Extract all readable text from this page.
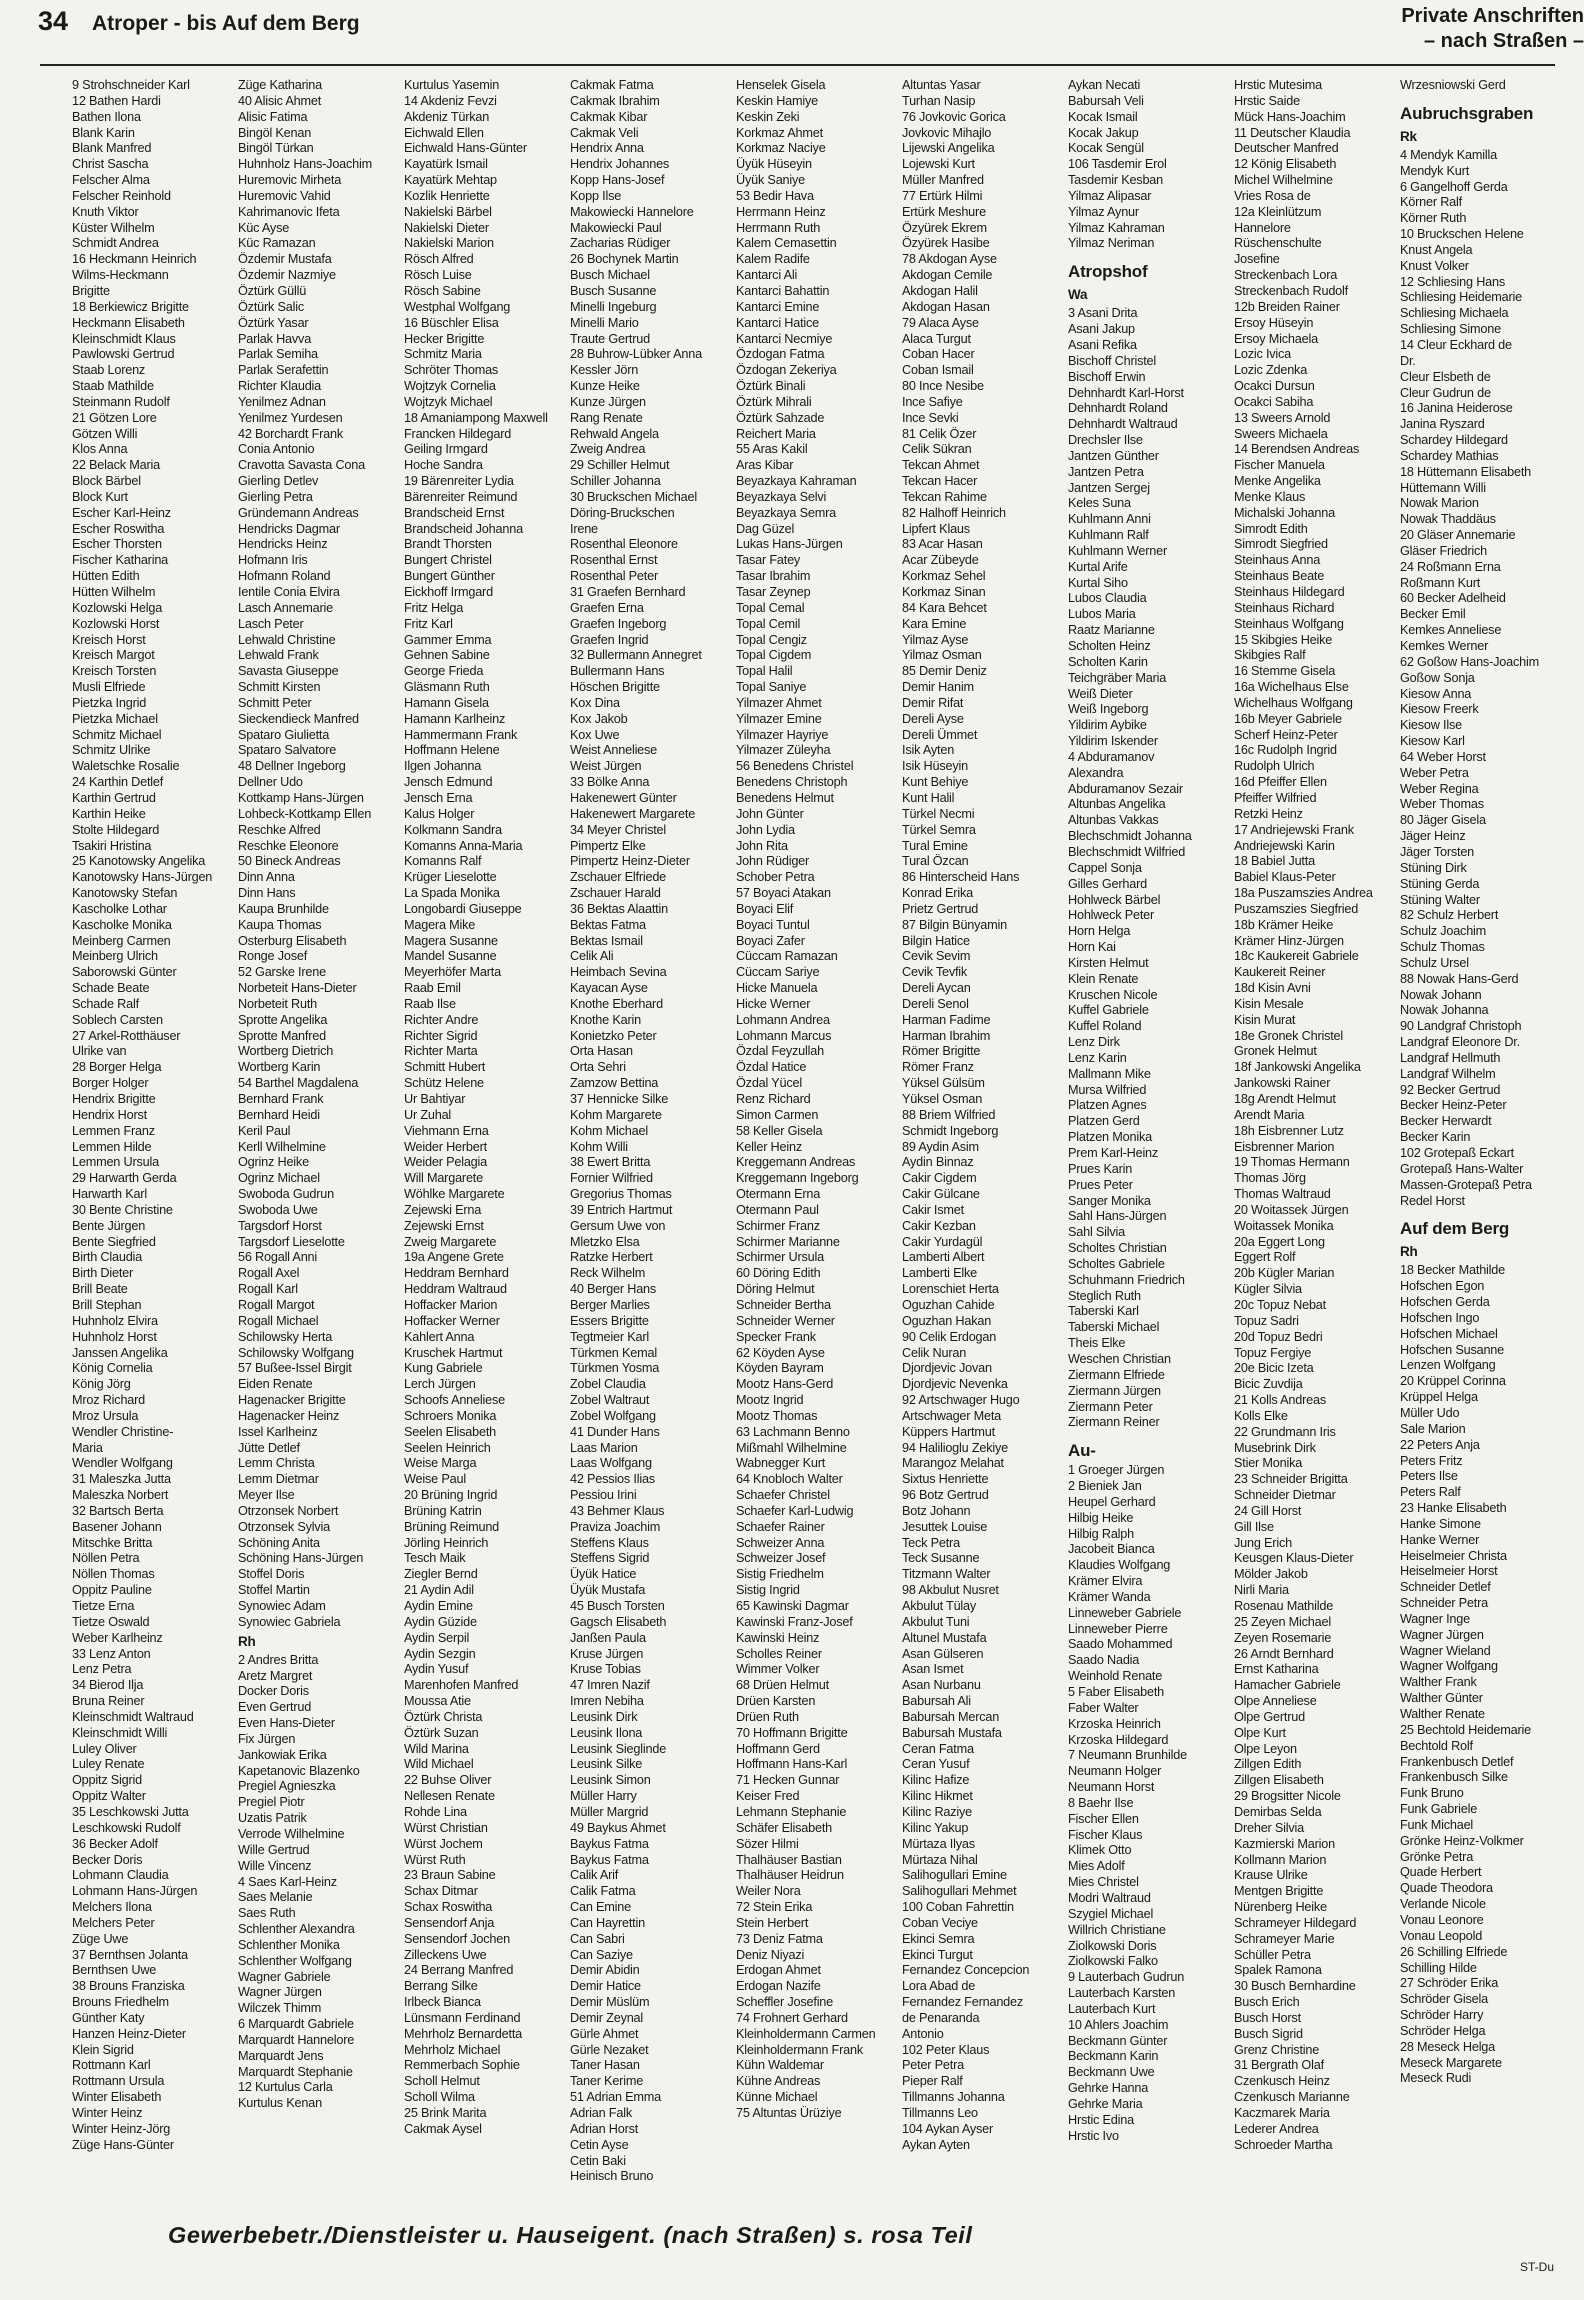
34 Atroper - bis Auf dem Berg	Private Anschriften
– nach Straßen –
9 Strohschneider Karl
12 Bathen Hardi
Bathen Ilona
Blank Karin
Blank Manfred
Christ Sascha
Felscher Alma
Felscher Reinhold
Knuth Viktor
Küster Wilhelm
Schmidt Andrea
16 Heckmann Heinrich
Wilms-Heckmann
Brigitte
18 Berkiewicz Brigitte
Heckmann Elisabeth
Kleinschmidt Klaus
Pawlowski Gertrud
Staab Lorenz
Staab Mathilde
Steinmann Rudolf
21 Götzen Lore
Götzen Willi
Klos Anna
22 Belack Maria
Block Bärbel
Block Kurt
Escher Karl-Heinz
Escher Roswitha
Escher Thorsten
Fischer Katharina
Hütten Edith
Hütten Wilhelm
Kozlowski Helga
Kozlowski Horst
Kreisch Horst
Kreisch Margot
Kreisch Torsten
Musli Elfriede
Pietzka Ingrid
Pietzka Michael
Schmitz Michael
Schmitz Ulrike
Waletschke Rosalie
24 Karthin Detlef
Karthin Gertrud
Karthin Heike
Stolte Hildegard
Tsakiri Hristina
25 Kanotowsky Angelika
Kanotowsky Hans-Jürgen
Kanotowsky Stefan
Kascholke Lothar
Kascholke Monika
Meinberg Carmen
Meinberg Ulrich
Saborowski Günter
Schade Beate
Schade Ralf
Soblech Carsten
27 Arkel-Rotthäuser
Ulrike van
28 Borger Helga
Borger Holger
Hendrix Brigitte
Hendrix Horst
Lemmen Franz
Lemmen Hilde
Lemmen Ursula
29 Harwarth Gerda
Harwarth Karl
30 Bente Christine
Bente Jürgen
Bente Siegfried
Birth Claudia
Birth Dieter
Brill Beate
Brill Stephan
Huhnholz Elvira
Huhnholz Horst
Janssen Angelika
König Cornelia
König Jörg
Mroz Richard
Mroz Ursula
Wendler Christine-
Maria
Wendler Wolfgang
31 Maleszka Jutta
Maleszka Norbert
32 Bartsch Berta
Basener Johann
Mitschke Britta
Nöllen Petra
Nöllen Thomas
Oppitz Pauline
Tietze Erna
Tietze Oswald
Weber Karlheinz
33 Lenz Anton
Lenz Petra
34 Bierod Ilja
Bruna Reiner
Kleinschmidt Waltraud
Kleinschmidt Willi
Luley Oliver
Luley Renate
Oppitz Sigrid
Oppitz Walter
35 Leschkowski Jutta
Leschkowski Rudolf
36 Becker Adolf
Becker Doris
Lohmann Claudia
Lohmann Hans-Jürgen
Melchers Ilona
Melchers Peter
Züge Uwe
37 Bernthsen Jolanta
Bernthsen Uwe
38 Brouns Franziska
Brouns Friedhelm
Günther Katy
Hanzen Heinz-Dieter
Klein Sigrid
Rottmann Karl
Rottmann Ursula
Winter Elisabeth
Winter Heinz
Winter Heinz-Jörg
Züge Hans-Günter
Züge Katharina
40 Alisic Ahmet
Alisic Fatima
Bingöl Kenan
Bingöl Türkan
Huhnholz Hans-Joachim
Huremovic Mirheta
Huremovic Vahid
Kahrimanovic Ifeta
Küc Ayse
Küc Ramazan
Özdemir Mustafa
Özdemir Nazmiye
Öztürk Güllü
Öztürk Salic
Öztürk Yasar
Parlak Havva
Parlak Semiha
Parlak Serafettin
Richter Klaudia
Yenilmez Adnan
Yenilmez Yurdesen
42 Borchardt Frank
Conia Antonio
Cravotta Savasta Cona
Gierling Detlev
Gierling Petra
Gründemann Andreas
Hendricks Dagmar
Hendricks Heinz
Hofmann Iris
Hofmann Roland
Ientile Conia Elvira
Lasch Annemarie
Lasch Peter
Lehwald Christine
Lehwald Frank
Savasta Giuseppe
Schmitt Kirsten
Schmitt Peter
Sieckendieck Manfred
Spataro Giulietta
Spataro Salvatore
48 Dellner Ingeborg
Dellner Udo
Kottkamp Hans-Jürgen
Lohbeck-Kottkamp Ellen
Reschke Alfred
Reschke Eleonore
50 Bineck Andreas
Dinn Anna
Dinn Hans
Kaupa Brunhilde
Kaupa Thomas
Osterburg Elisabeth
Ronge Josef
52 Garske Irene
Norbeteit Hans-Dieter
Norbeteit Ruth
Sprotte Angelika
Sprotte Manfred
Wortberg Dietrich
Wortberg Karin
54 Barthel Magdalena
Bernhard Frank
Bernhard Heidi
Keril Paul
Kerll Wilhelmine
Ogrinz Heike
Ogrinz Michael
Swoboda Gudrun
Swoboda Uwe
Targsdorf Horst
Targsdorf Lieselotte
56 Rogall Anni
Rogall Axel
Rogall Karl
Rogall Margot
Rogall Michael
Schilowsky Herta
Schilowsky Wolfgang
57 Bußee-Issel Birgit
Eiden Renate
Hagenacker Brigitte
Hagenacker Heinz
Issel Karlheinz
Jütte Detlef
Lemm Christa
Lemm Dietmar
Meyer Ilse
Otrzonsek Norbert
Otrzonsek Sylvia
Schöning Anita
Schöning Hans-Jürgen
Stoffel Doris
Stoffel Martin
Synowiec Adam
Synowiec Gabriela
Rh
2 Andres Britta
Aretz Margret
Docker Doris
Even Gertrud
Even Hans-Dieter
Fix Jürgen
Jankowiak Erika
Kapetanovic Blazenko
Pregiel Agnieszka
Pregiel Piotr
Uzatis Patrik
Verrode Wilhelmine
Wille Gertrud
Wille Vincenz
4 Saes Karl-Heinz
Saes Melanie
Saes Ruth
Schlenther Alexandra
Schlenther Monika
Schlenther Wolfgang
Wagner Gabriele
Wagner Jürgen
Wilczek Thimm
6 Marquardt Gabriele
Marquardt Hannelore
Marquardt Jens
Marquardt Stephanie
12 Kurtulus Carla
Kurtulus Kenan
Kurtulus Yasemin
14 Akdeniz Fevzi
Akdeniz Türkan
Eichwald Ellen
Eichwald Hans-Günter
Kayatürk Ismail
Kayatürk Mehtap
Kozlik Henriette
Nakielski Bärbel
Nakielski Dieter
Nakielski Marion
Rösch Alfred
Rösch Luise
Rösch Sabine
Westphal Wolfgang
16 Büschler Elisa
Hecker Brigitte
Schmitz Maria
Schröter Thomas
Wojtzyk Cornelia
Wojtzyk Michael
18 Amaniampong Maxwell
Francken Hildegard
Geiling Irmgard
Hoche Sandra
19 Bärenreiter Lydia
Bärenreiter Reimund
Brandscheid Ernst
Brandscheid Johanna
Brandt Thorsten
Bungert Christel
Bungert Günther
Eickhoff Irmgard
Fritz Helga
Fritz Karl
Gammer Emma
Gehnen Sabine
George Frieda
Gläsmann Ruth
Hamann Gisela
Hamann Karlheinz
Hammermann Frank
Hoffmann Helene
Ilgen Johanna
Jensch Edmund
Jensch Erna
Kalus Holger
Kolkmann Sandra
Komanns Anna-Maria
Komanns Ralf
Krüger Lieselotte
La Spada Monika
Longobardi Giuseppe
Magera Mike
Magera Susanne
Mandel Susanne
Meyerhöfer Marta
Raab Emil
Raab Ilse
Richter Andre
Richter Sigrid
Richter Marta
Schmitt Hubert
Schütz Helene
Ur Bahtiyar
Ur Zuhal
Viehmann Erna
Weider Herbert
Weider Pelagia
Will Margarete
Wöhlke Margarete
Zejewski Erna
Zejewski Ernst
Zweig Margarete
19a Angene Grete
Heddram Bernhard
Heddram Waltraud
Hoffacker Marion
Hoffacker Werner
Kahlert Anna
Kruschek Hartmut
Kung Gabriele
Lerch Jürgen
Schoofs Anneliese
Schroers Monika
Seelen Elisabeth
Seelen Heinrich
Weise Marga
Weise Paul
20 Brüning Ingrid
Brüning Katrin
Brüning Reimund
Jörling Heinrich
Tesch Maik
Ziegler Bernd
21 Aydin Adil
Aydin Emine
Aydin Güzide
Aydin Serpil
Aydin Sezgin
Aydin Yusuf
Marenhofen Manfred
Moussa Atie
Öztürk Christa
Öztürk Suzan
Wild Marina
Wild Michael
22 Buhse Oliver
Nellesen Renate
Rohde Lina
Würst Christian
Würst Jochem
Würst Ruth
23 Braun Sabine
Schax Ditmar
Schax Roswitha
Sensendorf Anja
Sensendorf Jochen
Zilleckens Uwe
24 Berrang Manfred
Berrang Silke
Irlbeck Bianca
Lünsmann Ferdinand
Mehrholz Bernardetta
Mehrholz Michael
Remmerbach Sophie
Scholl Helmut
Scholl Wilma
25 Brink Marita
Cakmak Aysel
Cakmak Fatma
Cakmak Ibrahim
Cakmak Kibar
Cakmak Veli
Hendrix Anna
Hendrix Johannes
Kopp Hans-Josef
Kopp Ilse
Makowiecki Hannelore
Makowiecki Paul
Zacharias Rüdiger
26 Bochynek Martin
Busch Michael
Busch Susanne
Minelli Ingeburg
Minelli Mario
Traute Gertrud
28 Buhrow-Lübker Anna
Kessler Jörn
Kunze Heike
Kunze Jürgen
Rang Renate
Rehwald Angela
Zweig Andrea
29 Schiller Helmut
Schiller Johanna
30 Bruckschen Michael
Döring-Bruckschen
Irene
Rosenthal Eleonore
Rosenthal Ernst
Rosenthal Peter
31 Graefen Bernhard
Graefen Erna
Graefen Ingeborg
Graefen Ingrid
32 Bullermann Annegret
Bullermann Hans
Höschen Brigitte
Kox Dina
Kox Jakob
Kox Uwe
Weist Anneliese
Weist Jürgen
33 Bölke Anna
Hakenewert Günter
Hakenewert Margarete
34 Meyer Christel
Pimpertz Elke
Pimpertz Heinz-Dieter
Zschauer Elfriede
Zschauer Harald
36 Bektas Alaattin
Bektas Fatma
Bektas Ismail
Celik Ali
Heimbach Sevina
Kayacan Ayse
Knothe Eberhard
Knothe Karin
Konietzko Peter
Orta Hasan
Orta Sehri
Zamzow Bettina
37 Hennicke Silke
Kohm Margarete
Kohm Michael
Kohm Willi
38 Ewert Britta
Fornier Wilfried
Gregorius Thomas
39 Entrich Hartmut
Gersum Uwe von
Mletzko Elsa
Ratzke Herbert
Reck Wilhelm
40 Berger Hans
Berger Marlies
Essers Brigitte
Tegtmeier Karl
Türkmen Kemal
Türkmen Yosma
Zobel Claudia
Zobel Waltraut
Zobel Wolfgang
41 Dunder Hans
Laas Marion
Laas Wolfgang
42 Pessios Ilias
Pessiou Irini
43 Behmer Klaus
Praviza Joachim
Steffens Klaus
Steffens Sigrid
Üyük Hatice
Üyük Mustafa
45 Busch Torsten
Gagsch Elisabeth
Janßen Paula
Kruse Jürgen
Kruse Tobias
47 Imren Nazif
Imren Nebiha
Leusink Dirk
Leusink Ilona
Leusink Sieglinde
Leusink Silke
Leusink Simon
Müller Harry
Müller Margrid
49 Baykus Ahmet
Baykus Fatma
Baykus Fatma
Calik Arif
Calik Fatma
Can Emine
Can Hayrettin
Can Sabri
Can Saziye
Demir Abidin
Demir Hatice
Demir Müslüm
Demir Zeynal
Gürle Ahmet
Gürle Nezaket
Taner Hasan
Taner Kerime
51 Adrian Emma
Adrian Falk
Adrian Horst
Cetin Ayse
Cetin Baki
Heinisch Bruno
Henselek Gisela
Keskin Hamiye
Keskin Zeki
Korkmaz Ahmet
Korkmaz Naciye
Üyük Hüseyin
Üyük Saniye
53 Bedir Hava
Herrmann Heinz
Herrmann Ruth
Kalem Cemasettin
Kalem Radife
Kantarci Ali
Kantarci Bahattin
Kantarci Emine
Kantarci Hatice
Kantarci Necmiye
Özdogan Fatma
Özdogan Zekeriya
Öztürk Binali
Öztürk Mihrali
Öztürk Sahzade
Reichert Maria
55 Aras Kakil
Aras Kibar
Beyazkaya Kahraman
Beyazkaya Selvi
Beyazkaya Semra
Dag Güzel
Lukas Hans-Jürgen
Tasar Fatey
Tasar Ibrahim
Tasar Zeynep
Topal Cemal
Topal Cemil
Topal Cengiz
Topal Cigdem
Topal Halil
Topal Saniye
Yilmazer Ahmet
Yilmazer Emine
Yilmazer Hayriye
Yilmazer Züleyha
56 Benedens Christel
Benedens Christoph
Benedens Helmut
John Günter
John Lydia
John Rita
John Rüdiger
Schober Petra
57 Boyaci Atakan
Boyaci Elif
Boyaci Tuntul
Boyaci Zafer
Cüccam Ramazan
Cüccam Sariye
Hicke Manuela
Hicke Werner
Lohmann Andrea
Lohmann Marcus
Özdal Feyzullah
Özdal Hatice
Özdal Yücel
Renz Richard
Simon Carmen
58 Keller Gisela
Keller Heinz
Kreggemann Andreas
Kreggemann Ingeborg
Otermann Erna
Otermann Paul
Schirmer Franz
Schirmer Marianne
Schirmer Ursula
60 Döring Edith
Döring Helmut
Schneider Bertha
Schneider Werner
Specker Frank
62 Köyden Ayse
Köyden Bayram
Mootz Hans-Gerd
Mootz Ingrid
Mootz Thomas
63 Lachmann Benno
Mißmahl Wilhelmine
Wabnegger Kurt
64 Knobloch Walter
Schaefer Christel
Schaefer Karl-Ludwig
Schaefer Rainer
Schweizer Anna
Schweizer Josef
Sistig Friedhelm
Sistig Ingrid
65 Kawinski Dagmar
Kawinski Franz-Josef
Kawinski Heinz
Scholles Reiner
Wimmer Volker
68 Drüen Helmut
Drüen Karsten
Drüen Ruth
70 Hoffmann Brigitte
Hoffmann Gerd
Hoffmann Hans-Karl
71 Hecken Gunnar
Keiser Fred
Lehmann Stephanie
Schäfer Elisabeth
Sözer Hilmi
Thalhäuser Bastian
Thalhäuser Heidrun
Weiler Nora
72 Stein Erika
Stein Herbert
73 Deniz Fatma
Deniz Niyazi
Erdogan Ahmet
Erdogan Nazife
Scheffler Josefine
74 Frohnert Gerhard
Kleinholdermann Carmen
Kleinholdermann Frank
Kühn Waldemar
Kühne Andreas
Künne Michael
75 Altuntas Ürüziye
Altuntas Yasar
Turhan Nasip
76 Jovkovic Gorica
Jovkovic Mihajlo
Lijewski Angelika
Lojewski Kurt
Müller Manfred
77 Ertürk Hilmi
Ertürk Meshure
Özyürek Ekrem
Özyürek Hasibe
78 Akdogan Ayse
Akdogan Cemile
Akdogan Halil
Akdogan Hasan
79 Alaca Ayse
Alaca Turgut
Coban Hacer
Coban Ismail
80 Ince Nesibe
Ince Safiye
Ince Sevki
81 Celik Özer
Celik Sükran
Tekcan Ahmet
Tekcan Hacer
Tekcan Rahime
82 Halhoff Heinrich
Lipfert Klaus
83 Acar Hasan
Acar Zübeyde
Korkmaz Sehel
Korkmaz Sinan
84 Kara Behcet
Kara Emine
Yilmaz Ayse
Yilmaz Osman
85 Demir Deniz
Demir Hanim
Demir Rifat
Dereli Ayse
Dereli Ümmet
Isik Ayten
Isik Hüseyin
Kunt Behiye
Kunt Halil
Türkel Necmi
Türkel Semra
Tural Emine
Tural Özcan
86 Hinterscheid Hans
Konrad Erika
Prietz Gertrud
87 Bilgin Bünyamin
Bilgin Hatice
Cevik Sevim
Cevik Tevfik
Dereli Aycan
Dereli Senol
Harman Fadime
Harman Ibrahim
Römer Brigitte
Römer Franz
Yüksel Gülsüm
Yüksel Osman
88 Briem Wilfried
Schmidt Ingeborg
89 Aydin Asim
Aydin Binnaz
Cakir Cigdem
Cakir Gülcane
Cakir Ismet
Cakir Kezban
Cakir Yurdagül
Lamberti Albert
Lamberti Elke
Lorenschiet Herta
Oguzhan Cahide
Oguzhan Hakan
90 Celik Erdogan
Celik Nuran
Djordjevic Jovan
Djordjevic Nevenka
92 Artschwager Hugo
Artschwager Meta
Küppers Hartmut
94 Halilioglu Zekiye
Marangoz Melahat
Sixtus Henriette
96 Botz Gertrud
Botz Johann
Jesuttek Louise
Teck Petra
Teck Susanne
Titzmann Walter
98 Akbulut Nusret
Akbulut Tülay
Akbulut Tuni
Altunel Mustafa
Asan Gülseren
Asan Ismet
Asan Nurbanu
Babursah Ali
Babursah Mercan
Babursah Mustafa
Ceran Fatma
Ceran Yusuf
Kilinc Hafize
Kilinc Hikmet
Kilinc Raziye
Kilinc Yakup
Mürtaza Ilyas
Mürtaza Nihal
Salihogullari Emine
Salihogullari Mehmet
100 Coban Fahrettin
Coban Veciye
Ekinci Semra
Ekinci Turgut
Fernandez Concepcion
Lora Abad de
Fernandez Fernandez
de Penaranda
Antonio
102 Peter Klaus
Peter Petra
Pieper Ralf
Tillmanns Johanna
Tillmanns Leo
104 Aykan Ayser
Aykan Ayten
Aykan Necati
Babursah Veli
Kocak Ismail
Kocak Jakup
Kocak Sengül
106 Tasdemir Erol
Tasdemir Kesban
Yilmaz Alipasar
Yilmaz Aynur
Yilmaz Kahraman
Yilmaz Neriman
Atropshof
Wa
3 Asani Drita
Asani Jakup
Asani Refika
Bischoff Christel
Bischoff Erwin
Dehnhardt Karl-Horst
Dehnhardt Roland
Dehnhardt Waltraud
Drechsler Ilse
Jantzen Günther
Jantzen Petra
Jantzen Sergej
Keles Suna
Kuhlmann Anni
Kuhlmann Ralf
Kuhlmann Werner
Kurtal Arife
Kurtal Siho
Lubos Claudia
Lubos Maria
Raatz Marianne
Scholten Heinz
Scholten Karin
Teichgräber Maria
Weiß Dieter
Weiß Ingeborg
Yildirim Aybike
Yildirim Iskender
4 Abduramanov
Alexandra
Abduramanov Sezair
Altunbas Angelika
Altunbas Vakkas
Blechschmidt Johanna
Blechschmidt Wilfried
Cappel Sonja
Gilles Gerhard
Hohlweck Bärbel
Hohlweck Peter
Horn Helga
Horn Kai
Kirsten Helmut
Klein Renate
Kruschen Nicole
Kuffel Gabriele
Kuffel Roland
Lenz Dirk
Lenz Karin
Mallmann Mike
Mursa Wilfried
Platzen Agnes
Platzen Gerd
Platzen Monika
Prem Karl-Heinz
Prues Karin
Prues Peter
Sanger Monika
Sahl Hans-Jürgen
Sahl Silvia
Scholtes Christian
Scholtes Gabriele
Schuhmann Friedrich
Steglich Ruth
Taberski Karl
Taberski Michael
Theis Elke
Weschen Christian
Ziermann Elfriede
Ziermann Jürgen
Ziermann Peter
Ziermann Reiner
Au-
1 Groeger Jürgen
2 Bieniek Jan
Heupel Gerhard
Hilbig Heike
Hilbig Ralph
Jacobeit Bianca
Klaudies Wolfgang
Krämer Elvira
Krämer Wanda
Linneweber Gabriele
Linneweber Pierre
Saado Mohammed
Saado Nadia
Weinhold Renate
5 Faber Elisabeth
Faber Walter
Krzoska Heinrich
Krzoska Hildegard
7 Neumann Brunhilde
Neumann Holger
Neumann Horst
8 Baehr Ilse
Fischer Ellen
Fischer Klaus
Klimek Otto
Mies Adolf
Mies Christel
Modri Waltraud
Szygiel Michael
Willrich Christiane
Ziolkowski Doris
Ziolkowski Falko
9 Lauterbach Gudrun
Lauterbach Karsten
Lauterbach Kurt
10 Ahlers Joachim
Beckmann Günter
Beckmann Karin
Beckmann Uwe
Gehrke Hanna
Gehrke Maria
Hrstic Edina
Hrstic Ivo
Hrstic Mutesima
Hrstic Saide
Mück Hans-Joachim
11 Deutscher Klaudia
Deutscher Manfred
12 König Elisabeth
Michel Wilhelmine
Vries Rosa de
12a Kleinlützum
Hannelore
Rüschenschulte
Josefine
Streckenbach Lora
Streckenbach Rudolf
12b Breiden Rainer
Ersoy Hüseyin
Ersoy Michaela
Lozic Ivica
Lozic Zdenka
Ocakci Dursun
Ocakci Sabiha
13 Sweers Arnold
Sweers Michaela
14 Berendsen Andreas
Fischer Manuela
Menke Angelika
Menke Klaus
Michalski Johanna
Simrodt Edith
Simrodt Siegfried
Steinhaus Anna
Steinhaus Beate
Steinhaus Hildegard
Steinhaus Richard
Steinhaus Wolfgang
15 Skibgies Heike
Skibgies Ralf
16 Stemme Gisela
16a Wichelhaus Else
Wichelhaus Wolfgang
16b Meyer Gabriele
Scherf Heinz-Peter
16c Rudolph Ingrid
Rudolph Ulrich
16d Pfeiffer Ellen
Pfeiffer Wilfried
Retzki Heinz
17 Andriejewski Frank
Andriejewski Karin
18 Babiel Jutta
Babiel Klaus-Peter
18a Puszamszies Andrea
Puszamszies Siegfried
18b Krämer Heike
Krämer Hinz-Jürgen
18c Kaukereit Gabriele
Kaukereit Reiner
18d Kisin Avni
Kisin Mesale
Kisin Murat
18e Gronek Christel
Gronek Helmut
18f Jankowski Angelika
Jankowski Rainer
18g Arendt Helmut
Arendt Maria
18h Eisbrenner Lutz
Eisbrenner Marion
19 Thomas Hermann
Thomas Jörg
Thomas Waltraud
20 Woitassek Jürgen
Woitassek Monika
20a Eggert Long
Eggert Rolf
20b Kügler Marian
Kügler Silvia
20c Topuz Nebat
Topuz Sadri
20d Topuz Bedri
Topuz Fergiye
20e Bicic Izeta
Bicic Zuvdija
21 Kolls Andreas
Kolls Elke
22 Grundmann Iris
Musebrink Dirk
Stier Monika
23 Schneider Brigitta
Schneider Dietmar
24 Gill Horst
Gill Ilse
Jung Erich
Keusgen Klaus-Dieter
Mölder Jakob
Nirli Maria
Rosenau Mathilde
25 Zeyen Michael
Zeyen Rosemarie
26 Arndt Bernhard
Ernst Katharina
Hamacher Gabriele
Olpe Anneliese
Olpe Gertrud
Olpe Kurt
Olpe Leyon
Zillgen Edith
Zillgen Elisabeth
29 Brogsitter Nicole
Demirbas Selda
Dreher Silvia
Kazmierski Marion
Kollmann Marion
Krause Ulrike
Mentgen Brigitte
Nürenberg Heike
Schrameyer Hildegard
Schrameyer Marie
Schüller Petra
Spalek Ramona
30 Busch Bernhardine
Busch Erich
Busch Horst
Busch Sigrid
Grenz Christine
31 Bergrath Olaf
Czenkusch Heinz
Czenkusch Marianne
Kaczmarek Maria
Lederer Andrea
Schroeder Martha
Wrzesniowski Gerd
Aubruchsgraben
Rk
4 Mendyk Kamilla
Mendyk Kurt
6 Gangelhoff Gerda
Körner Ralf
Körner Ruth
10 Bruckschen Helene
Knust Angela
Knust Volker
12 Schliesing Hans
Schliesing Heidemarie
Schliesing Michaela
Schliesing Simone
14 Cleur Eckhard de
Dr.
Cleur Elsbeth de
Cleur Gudrun de
16 Janina Heiderose
Janina Ryszard
Schardey Hildegard
Schardey Mathias
18 Hüttemann Elisabeth
Hüttemann Willi
Nowak Marion
Nowak Thaddäus
20 Gläser Annemarie
Gläser Friedrich
24 Roßmann Erna
Roßmann Kurt
60 Becker Adelheid
Becker Emil
Kemkes Anneliese
Kemkes Werner
62 Goßow Hans-Joachim
Goßow Sonja
Kiesow Anna
Kiesow Freerk
Kiesow Ilse
Kiesow Karl
64 Weber Horst
Weber Petra
Weber Regina
Weber Thomas
80 Jäger Gisela
Jäger Heinz
Jäger Torsten
Stüning Dirk
Stüning Gerda
Stüning Walter
82 Schulz Herbert
Schulz Joachim
Schulz Thomas
Schulz Ursel
88 Nowak Hans-Gerd
Nowak Johann
Nowak Johanna
90 Landgraf Christoph
Landgraf Eleonore Dr.
Landgraf Hellmuth
Landgraf Wilhelm
92 Becker Gertrud
Becker Heinz-Peter
Becker Herwardt
Becker Karin
102 Grotepaß Eckart
Grotepaß Hans-Walter
Massen-Grotepaß Petra
Redel Horst
Auf dem Berg
Rh
18 Becker Mathilde
Hofschen Egon
Hofschen Gerda
Hofschen Ingo
Hofschen Michael
Hofschen Susanne
Lenzen Wolfgang
20 Krüppel Corinna
Krüppel Helga
Müller Udo
Sale Marion
22 Peters Anja
Peters Fritz
Peters Ilse
Peters Ralf
23 Hanke Elisabeth
Hanke Simone
Hanke Werner
Heiselmeier Christa
Heiselmeier Horst
Schneider Detlef
Schneider Petra
Wagner Inge
Wagner Jürgen
Wagner Wieland
Wagner Wolfgang
Walther Frank
Walther Günter
Walther Renate
25 Bechtold Heidemarie
Bechtold Rolf
Frankenbusch Detlef
Frankenbusch Silke
Funk Bruno
Funk Gabriele
Funk Michael
Grönke Heinz-Volkmer
Grönke Petra
Quade Herbert
Quade Theodora
Verlande Nicole
Vonau Leonore
Vonau Leopold
26 Schilling Elfriede
Schilling Hilde
27 Schröder Erika
Schröder Gisela
Schröder Harry
Schröder Helga
28 Meseck Helga
Meseck Margarete
Meseck Rudi
Gewerbebetr./Dienstleister u. Hauseigent. (nach Straßen) s. rosa Teil
ST-Du
